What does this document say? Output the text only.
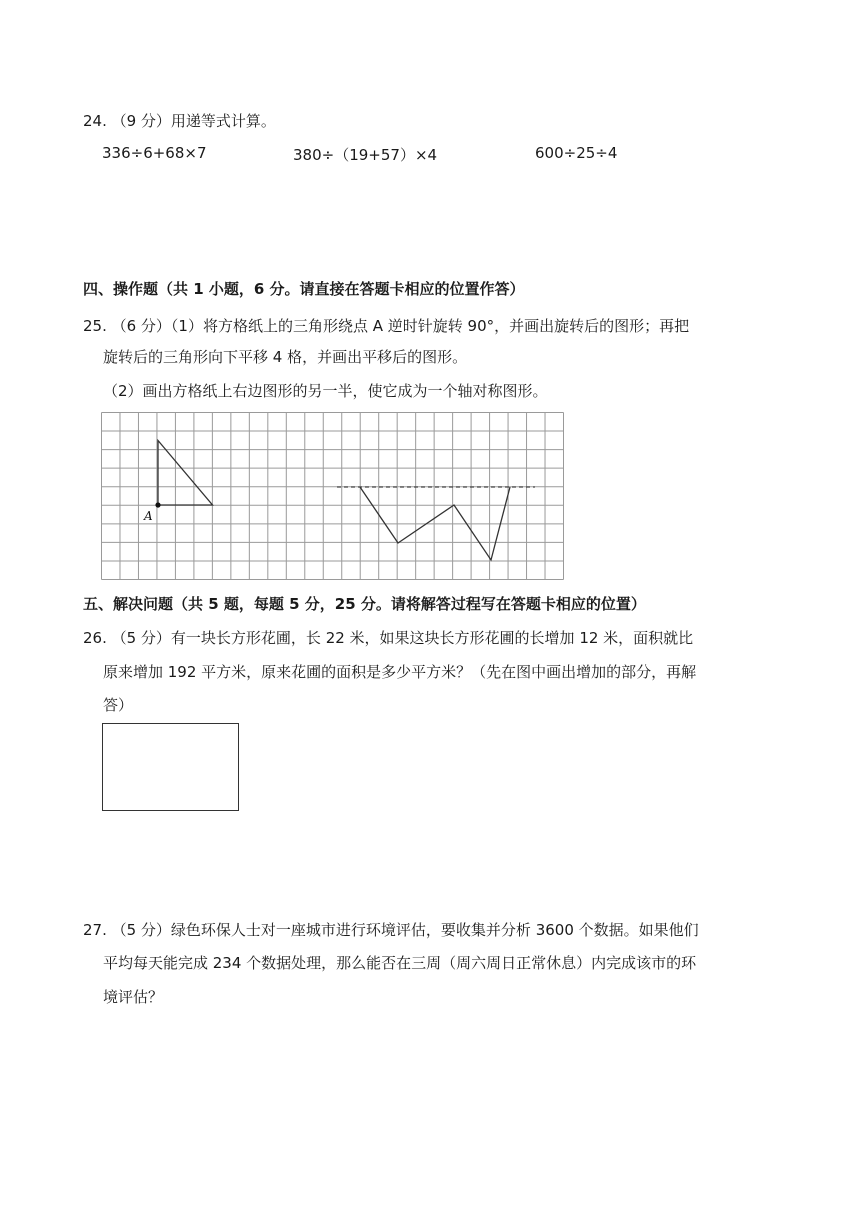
24. （9 分）用递等式计算。
336÷6+68×7	380÷（19+57）×4	600÷25÷4
四、操作题（共 1 小题，6 分。请直接在答题卡相应的位置作答）
25. （6 分）（1）将方格纸上的三角形绕点 A 逆时针旋转 90°，并画出旋转后的图形；再把
旋转后的三角形向下平移 4 格，并画出平移后的图形。
（2）画出方格纸上右边图形的另一半，使它成为一个轴对称图形。
A
五、解决问题（共 5 题，每题 5 分，25 分。请将解答过程写在答题卡相应的位置）
26. （5 分）有一块长方形花圃，长 22 米，如果这块长方形花圃的长增加 12 米，面积就比
原来增加 192 平方米，原来花圃的面积是多少平方米？（先在图中画出增加的部分，再解
答）
27. （5 分）绿色环保人士对一座城市进行环境评估，要收集并分析 3600 个数据。如果他们
平均每天能完成 234 个数据处理，那么能否在三周（周六周日正常休息）内完成该市的环
境评估？
